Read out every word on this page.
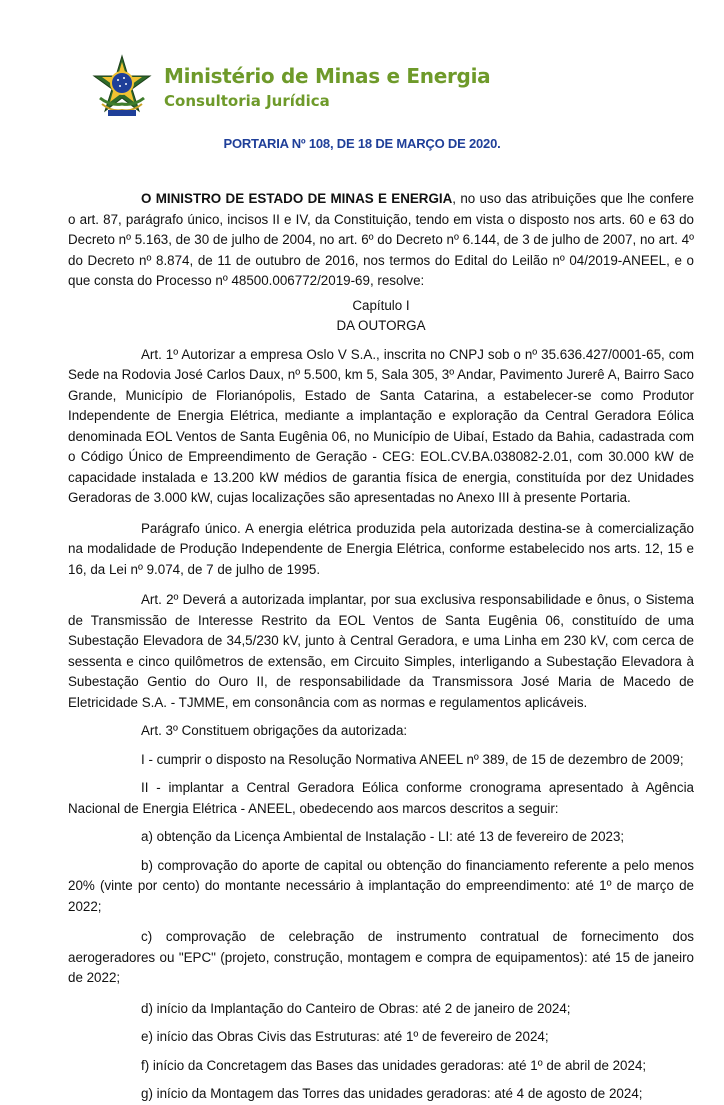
Ministério de Minas e Energia
Consultoria Jurídica
PORTARIA Nº 108, DE 18 DE MARÇO DE 2020.

O MINISTRO DE ESTADO DE MINAS E ENERGIA, no uso das atribuições que lhe confere o art. 87, parágrafo único, incisos II e IV, da Constituição, tendo em vista o disposto nos arts. 60 e 63 do Decreto nº 5.163, de 30 de julho de 2004, no art. 6º do Decreto nº 6.144, de 3 de julho de 2007, no art. 4º do Decreto nº 8.874, de 11 de outubro de 2016, nos termos do Edital do Leilão nº 04/2019-ANEEL, e o que consta do Processo nº 48500.006772/2019-69, resolve:

Capítulo I

DA OUTORGA

Art. 1º Autorizar a empresa Oslo V S.A., inscrita no CNPJ sob o nº 35.636.427/0001-65, com Sede na Rodovia José Carlos Daux, nº 5.500, km 5, Sala 305, 3º Andar, Pavimento Jurerê A, Bairro Saco Grande, Município de Florianópolis, Estado de Santa Catarina, a estabelecer-se como Produtor Independente de Energia Elétrica, mediante a implantação e exploração da Central Geradora Eólica denominada EOL Ventos de Santa Eugênia 06, no Município de Uibaí, Estado da Bahia, cadastrada com o Código Único de Empreendimento de Geração - CEG: EOL.CV.BA.038082-2.01, com 30.000 kW de capacidade instalada e 13.200 kW médios de garantia física de energia, constituída por dez Unidades Geradoras de 3.000 kW, cujas localizações são apresentadas no Anexo III à presente Portaria.

Parágrafo único. A energia elétrica produzida pela autorizada destina-se à comercialização na modalidade de Produção Independente de Energia Elétrica, conforme estabelecido nos arts. 12, 15 e 16, da Lei nº 9.074, de 7 de julho de 1995.

Art. 2º Deverá a autorizada implantar, por sua exclusiva responsabilidade e ônus, o Sistema de Transmissão de Interesse Restrito da EOL Ventos de Santa Eugênia 06, constituído de uma Subestação Elevadora de 34,5/230 kV, junto à Central Geradora, e uma Linha em 230 kV, com cerca de sessenta e cinco quilômetros de extensão, em Circuito Simples, interligando a Subestação Elevadora à Subestação Gentio do Ouro II, de responsabilidade da Transmissora José Maria de Macedo de Eletricidade S.A. - TJMME, em consonância com as normas e regulamentos aplicáveis.

Art. 3º Constituem obrigações da autorizada:

I - cumprir o disposto na Resolução Normativa ANEEL nº 389, de 15 de dezembro de 2009;

II - implantar a Central Geradora Eólica conforme cronograma apresentado à Agência Nacional de Energia Elétrica - ANEEL, obedecendo aos marcos descritos a seguir:

a) obtenção da Licença Ambiental de Instalação - LI: até 13 de fevereiro de 2023;

b) comprovação do aporte de capital ou obtenção do financiamento referente a pelo menos 20% (vinte por cento) do montante necessário à implantação do empreendimento: até 1º de março de 2022;

c) comprovação de celebração de instrumento contratual de fornecimento dos aerogeradores ou "EPC" (projeto, construção, montagem e compra de equipamentos): até 15 de janeiro de 2022;

d) início da Implantação do Canteiro de Obras: até 2 de janeiro de 2024;

e) início das Obras Civis das Estruturas: até 1º de fevereiro de 2024;

f) início da Concretagem das Bases das unidades geradoras: até 1º de abril de 2024;

g) início da Montagem das Torres das unidades geradoras: até 4 de agosto de 2024;
